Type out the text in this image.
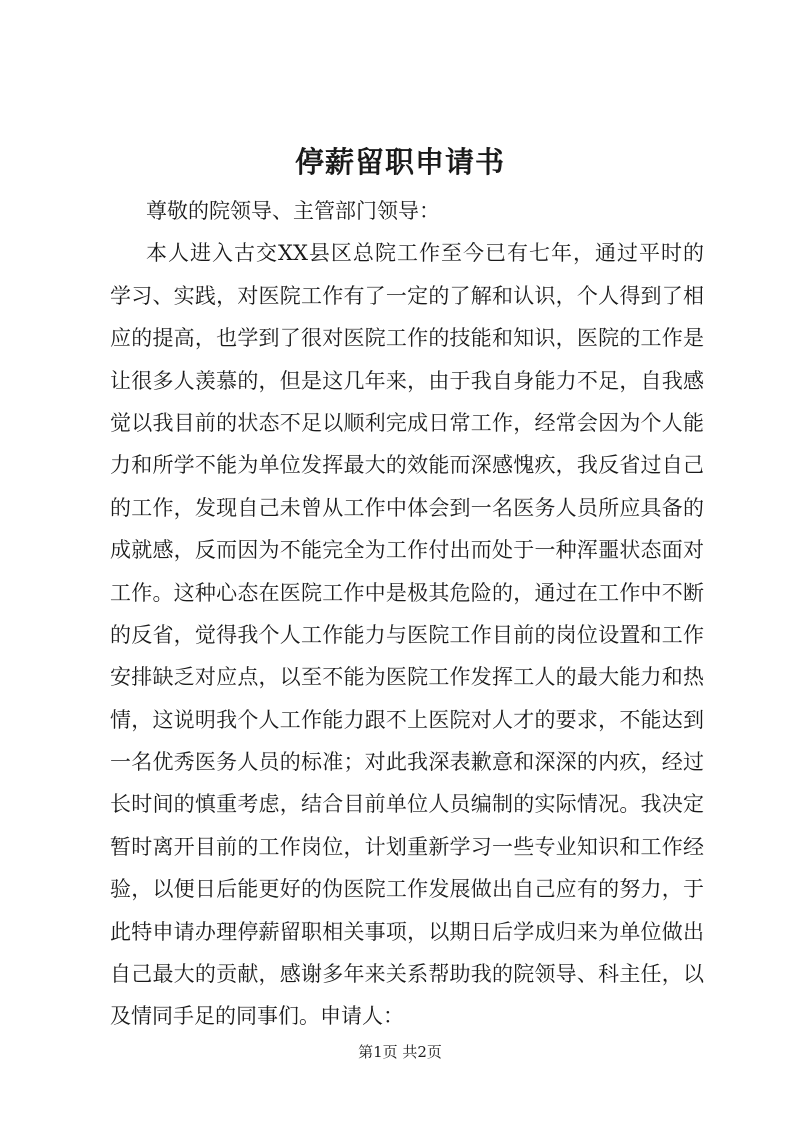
停薪留职申请书
尊敬的院领导、主管部门领导：
本人进入古交XX县区总院工作至今已有七年，通过平时的
学习、实践，对医院工作有了一定的了解和认识，个人得到了相
应的提高，也学到了很对医院工作的技能和知识，医院的工作是
让很多人羡慕的，但是这几年来，由于我自身能力不足，自我感
觉以我目前的状态不足以顺利完成日常工作，经常会因为个人能
力和所学不能为单位发挥最大的效能而深感愧疚，我反省过自己
的工作，发现自己未曾从工作中体会到一名医务人员所应具备的
成就感，反而因为不能完全为工作付出而处于一种浑噩状态面对
工作。这种心态在医院工作中是极其危险的，通过在工作中不断
的反省，觉得我个人工作能力与医院工作目前的岗位设置和工作
安排缺乏对应点，以至不能为医院工作发挥工人的最大能力和热
情，这说明我个人工作能力跟不上医院对人才的要求，不能达到
一名优秀医务人员的标准；对此我深表歉意和深深的内疚，经过
长时间的慎重考虑，结合目前单位人员编制的实际情况。我决定
暂时离开目前的工作岗位，计划重新学习一些专业知识和工作经
验，以便日后能更好的伪医院工作发展做出自己应有的努力，于
此特申请办理停薪留职相关事项，以期日后学成归来为单位做出
自己最大的贡献，感谢多年来关系帮助我的院领导、科主任，以
及情同手足的同事们。申请人：
第1页 共2页
